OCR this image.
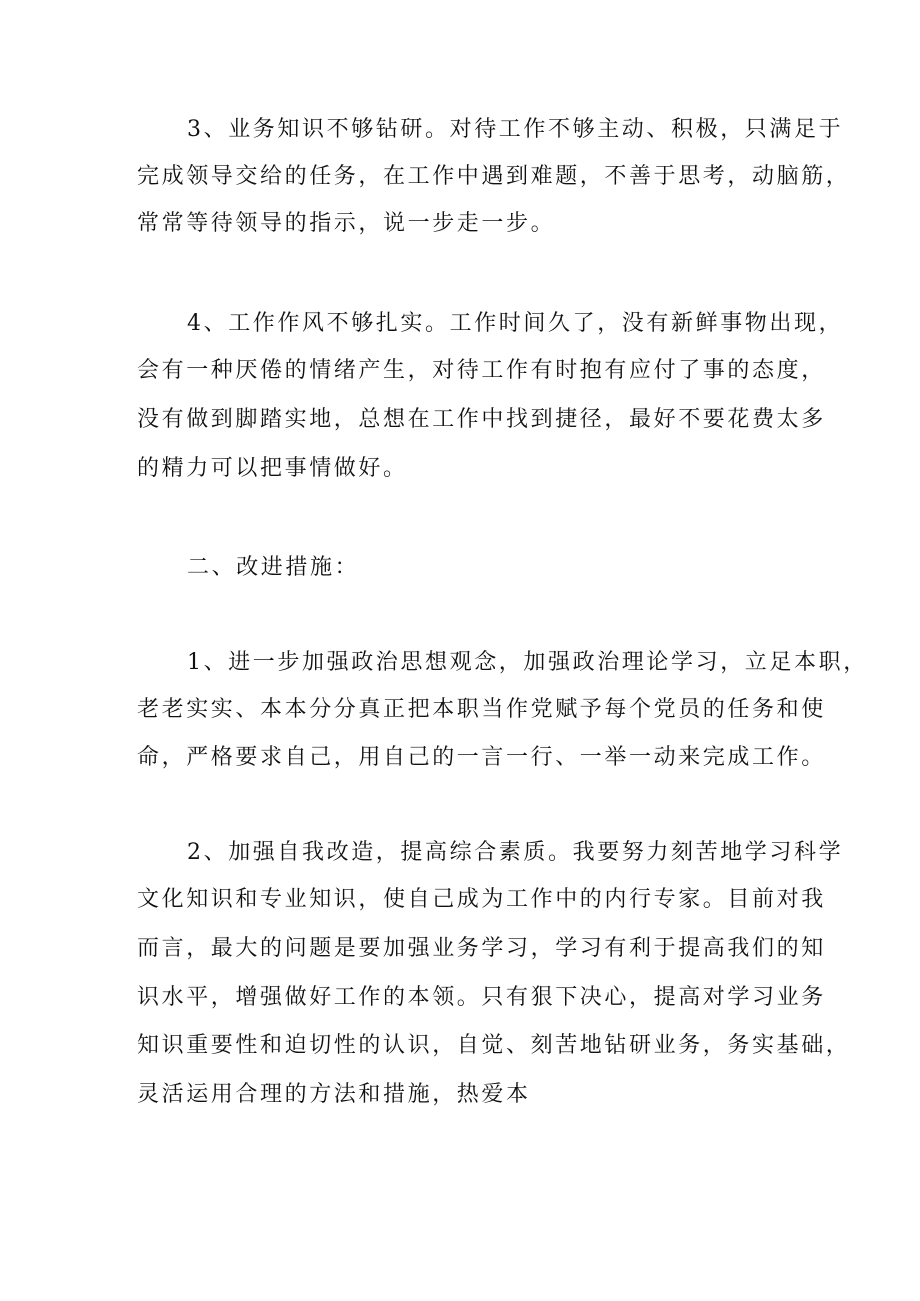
3、业务知识不够钻研。对待工作不够主动、积极，只满足于

完成领导交给的任务，在工作中遇到难题，不善于思考，动脑筋，

常常等待领导的指示，说一步走一步。

4、工作作风不够扎实。工作时间久了，没有新鲜事物出现，

会有一种厌倦的情绪产生，对待工作有时抱有应付了事的态度，

没有做到脚踏实地，总想在工作中找到捷径，最好不要花费太多

的精力可以把事情做好。

二、改进措施：

1、进一步加强政治思想观念，加强政治理论学习，立足本职，

老老实实、本本分分真正把本职当作党赋予每个党员的任务和使

命，严格要求自己，用自己的一言一行、一举一动来完成工作。

2、加强自我改造，提高综合素质。我要努力刻苦地学习科学

文化知识和专业知识，使自己成为工作中的内行专家。目前对我

而言，最大的问题是要加强业务学习，学习有利于提高我们的知

识水平，增强做好工作的本领。只有狠下决心，提高对学习业务

知识重要性和迫切性的认识，自觉、刻苦地钻研业务，务实基础，

灵活运用合理的方法和措施，热爱本
